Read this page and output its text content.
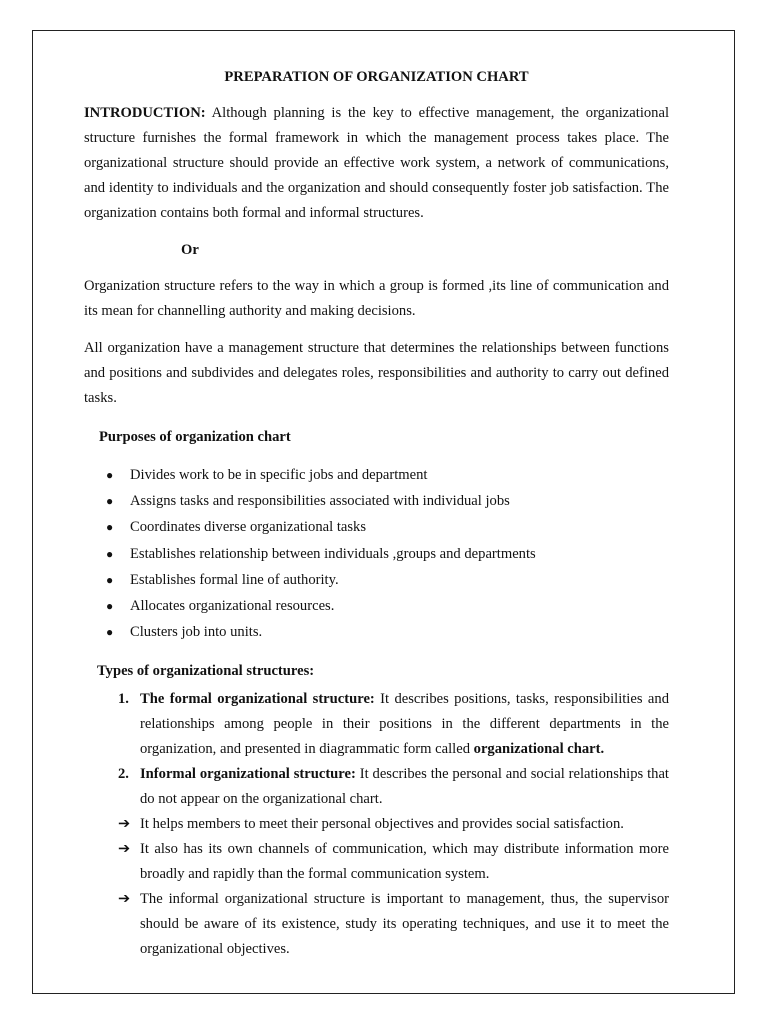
PREPARATION OF ORGANIZATION CHART

INTRODUCTION: Although planning is the key to effective management, the organizational structure furnishes the formal framework in which the management process takes place. The organizational structure should provide an effective work system, a network of communications, and identity to individuals and the organization and should consequently foster job satisfaction. The organization contains both formal and informal structures.

Or

Organization structure refers to the way in which a group is formed ,its line of communication and its mean for channelling authority and making decisions.

All organization have a management structure that determines the relationships between functions and positions and subdivides and delegates roles, responsibilities and authority to carry out defined tasks.

Purposes of organization chart
● Divides work to be in specific jobs and department
● Assigns tasks and responsibilities associated with individual jobs
● Coordinates diverse organizational tasks
● Establishes relationship between individuals ,groups and departments
● Establishes formal line of authority.
● Allocates organizational resources.
● Clusters job into units.
Types of organizational structures:
1. The formal organizational structure: It describes positions, tasks, responsibilities and relationships among people in their positions in the different departments in the organization, and presented in diagrammatic form called organizational chart.
2. Informal organizational structure: It describes the personal and social relationships that do not appear on the organizational chart.
➔ It helps members to meet their personal objectives and provides social satisfaction.
➔ It also has its own channels of communication, which may distribute information more broadly and rapidly than the formal communication system.
➔ The informal organizational structure is important to management, thus, the supervisor should be aware of its existence, study its operating techniques, and use it to meet the organizational objectives.
